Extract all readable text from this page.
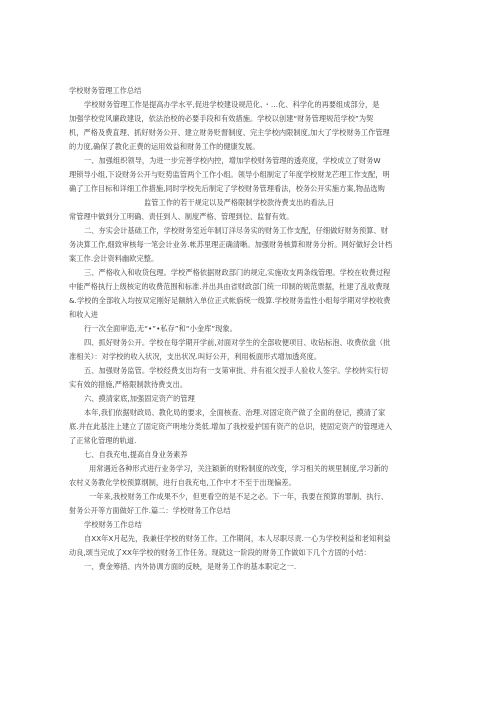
学校财务管理工作总结
学校财务管理工作是提高办学水平,促进学校建设规范化、・…化、科学化的再要组成部分，是
加强学校党风廉政建设，依法治校的必要手段和有效措施。学校以创建“财务管理规范学校”为契
机，严格及费直理、抓好财务公开、建立财务贬督制度、完主学校内限制度,加大了学校财务工作管理
的力度,确保了教化正费的运用效益和财务工作的健康发展。
一、加强组织领导，为进一步完善学校内控，增加学校财务管理的透亮度，学校成立了财务W
理锁导小组,下设财务公开与贬势监管两个工作小组。领导小组制定了年度学校财龙芒理工作支配，明
确了工作目标和详细工作措施,同时学校先后制定了学校财务管理看法，校务公开实施方案,物品选购
监管工作的若干规定以及严格限制学校款待费支出的看法,日
常管理中做到分工明确、责任到人、制度严格、管理到位、监督有效。
二、夯实会计基础工作，学校财务室近年制订洋尽务实的财务工作支配，仔细做好财务预算、财
务决算工作,细致审核每一笔会计业务.帐苏里理正确清晰。加强财务核算和财务分析。网好做好会计档
案工作.会计资料幽欧完整。
三、严格收入和收货包理。学校严格依据财政部门的规定,实施收支两条线管理。学校在收费过程
中能严格执行上级核定的收费范围和标准.并出具由省财政部门统一印制的规范票据，杜建了乱收费现
&.学校的全部收入均按双定刚好足额纳入单位正式帐旃统一级算.学校财务监性小组每学期对学校收费
和收入进
行一次全面审造,无“•”•私存”和“小金库”现象。
四、抓好财务公开。学校在每学期开学前,对面对学生的全部收便项目、收钻标泡、收费依盘（批
准相关）：对学校的收入状况，支出状况.叫好公开，利用板面形式增加透亮度。
五、加强财务监管。学校经费支出均有一支第审批、并有祖父授手人验收人签字。学校转实行切
实有效的措施,严格限制款待费支出。
六、摸清家底,加强固定资产的管理
本年,我们依据财政局、教化局的要求，全面核查、治理.对固定资产做了全面的登记，摸清了家
底.并在此基注上建立了固定资产明地分类低.增加了我校爱护国有资产的总识，使固定资产的管理进入
了正常化管理的轨道.
七、自我充电,提高自身业务素养
用常遇近各种形式进行业务学习，关注颖新的财粉制度的改变，学习相关的规里制度,学习新的
农村义务教化学校预算纲制，进行自我充电,工作中才不至于出现偏差。
一年来,我校财务工作成果不少，但更看空的是不足之必。下一年，我要在预算的罪制、执行、
射务公开等方面做好工作.篇二：学校财务工作总结
学校财务工作总结
自XX年X月起先，我兼任学校的财务工作。工作期间，本人尽职尽责.一心为学校利益和老知利益
动良,颂当完成了XX年学校的财务工作任务。现就这一阶段的财务工作做如下几个方固的小结：
一、费金筹措、内外协调方面的反映，是财务工作的基本职定之一.
